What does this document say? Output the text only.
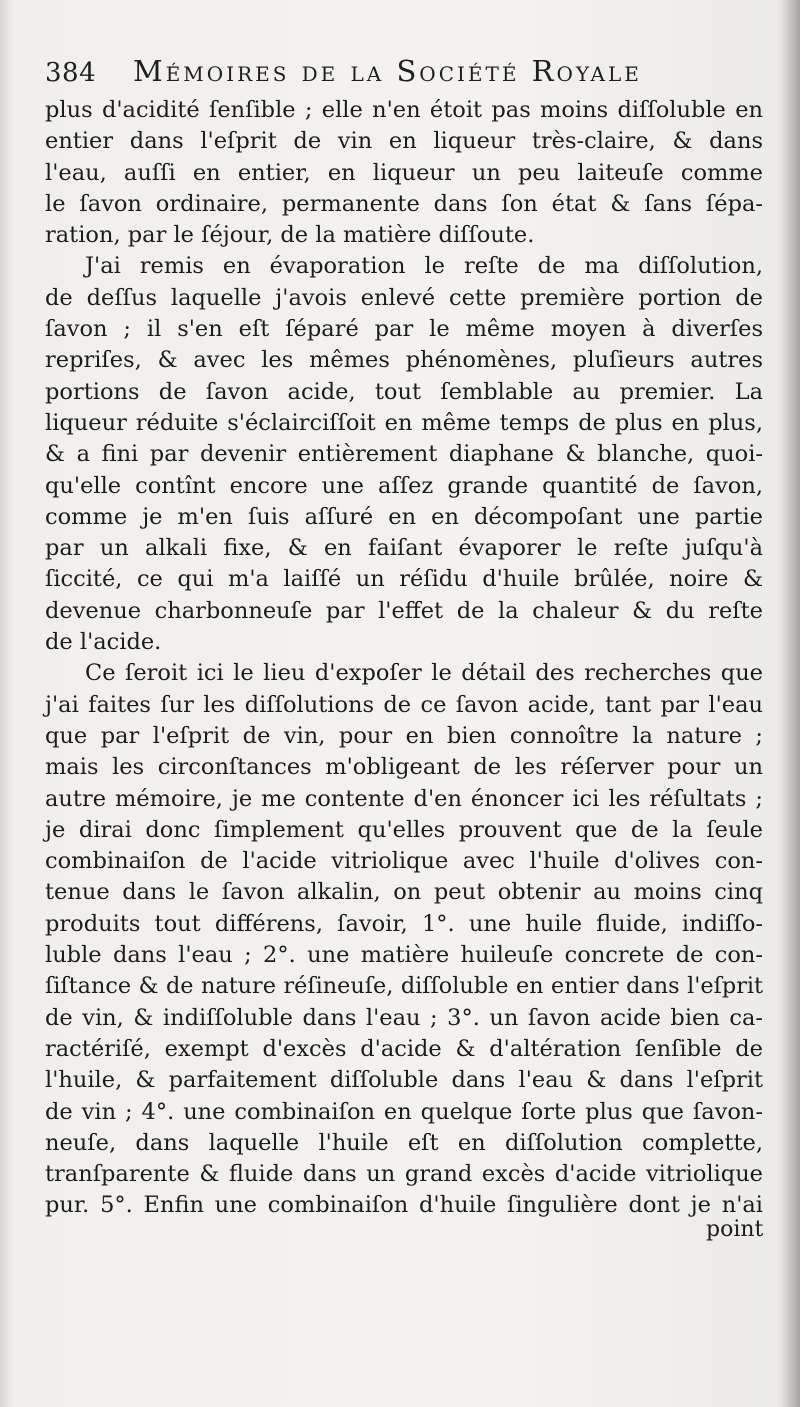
384 Mémoires de la Société Royale
plus d'acidité ſenſible ; elle n'en étoit pas moins diſſoluble en
entier dans l'eſprit de vin en liqueur très-claire, & dans
l'eau, auſſi en entier, en liqueur un peu laiteuſe comme
le ſavon ordinaire, permanente dans ſon état & ſans ſépa-
ration, par le ſéjour, de la matière diſſoute.
J'ai remis en évaporation le reſte de ma diſſolution,
de deſſus laquelle j'avois enlevé cette première portion de
ſavon ; il s'en eſt ſéparé par le même moyen à diverſes
repriſes, & avec les mêmes phénomènes, pluſieurs autres
portions de ſavon acide, tout ſemblable au premier. La
liqueur réduite s'éclairciſſoit en même temps de plus en plus,
& a fini par devenir entièrement diaphane & blanche, quoi-
qu'elle contînt encore une aſſez grande quantité de ſavon,
comme je m'en ſuis aſſuré en en décompoſant une partie
par un alkali fixe, & en faiſant évaporer le reſte juſqu'à
ſiccité, ce qui m'a laiſſé un réſidu d'huile brûlée, noire &
devenue charbonneuſe par l'effet de la chaleur & du reſte
de l'acide.
Ce ſeroit ici le lieu d'expoſer le détail des recherches que
j'ai faites ſur les diſſolutions de ce ſavon acide, tant par l'eau
que par l'eſprit de vin, pour en bien connoître la nature ;
mais les circonſtances m'obligeant de les réſerver pour un
autre mémoire, je me contente d'en énoncer ici les réſultats ;
je dirai donc ſimplement qu'elles prouvent que de la ſeule
combinaiſon de l'acide vitriolique avec l'huile d'olives con-
tenue dans le ſavon alkalin, on peut obtenir au moins cinq
produits tout différens, ſavoir, 1°. une huile fluide, indiſſo-
luble dans l'eau ; 2°. une matière huileuſe concrete de con-
ſiſtance & de nature réſineuſe, diſſoluble en entier dans l'eſprit
de vin, & indiſſoluble dans l'eau ; 3°. un ſavon acide bien ca-
ractériſé, exempt d'excès d'acide & d'altération ſenſible de
l'huile, & parfaitement diſſoluble dans l'eau & dans l'eſprit
de vin ; 4°. une combinaiſon en quelque ſorte plus que ſavon-
neuſe, dans laquelle l'huile eſt en diſſolution complette,
tranſparente & fluide dans un grand excès d'acide vitriolique
pur. 5°. Enfin une combinaiſon d'huile ſingulière dont je n'ai
point
